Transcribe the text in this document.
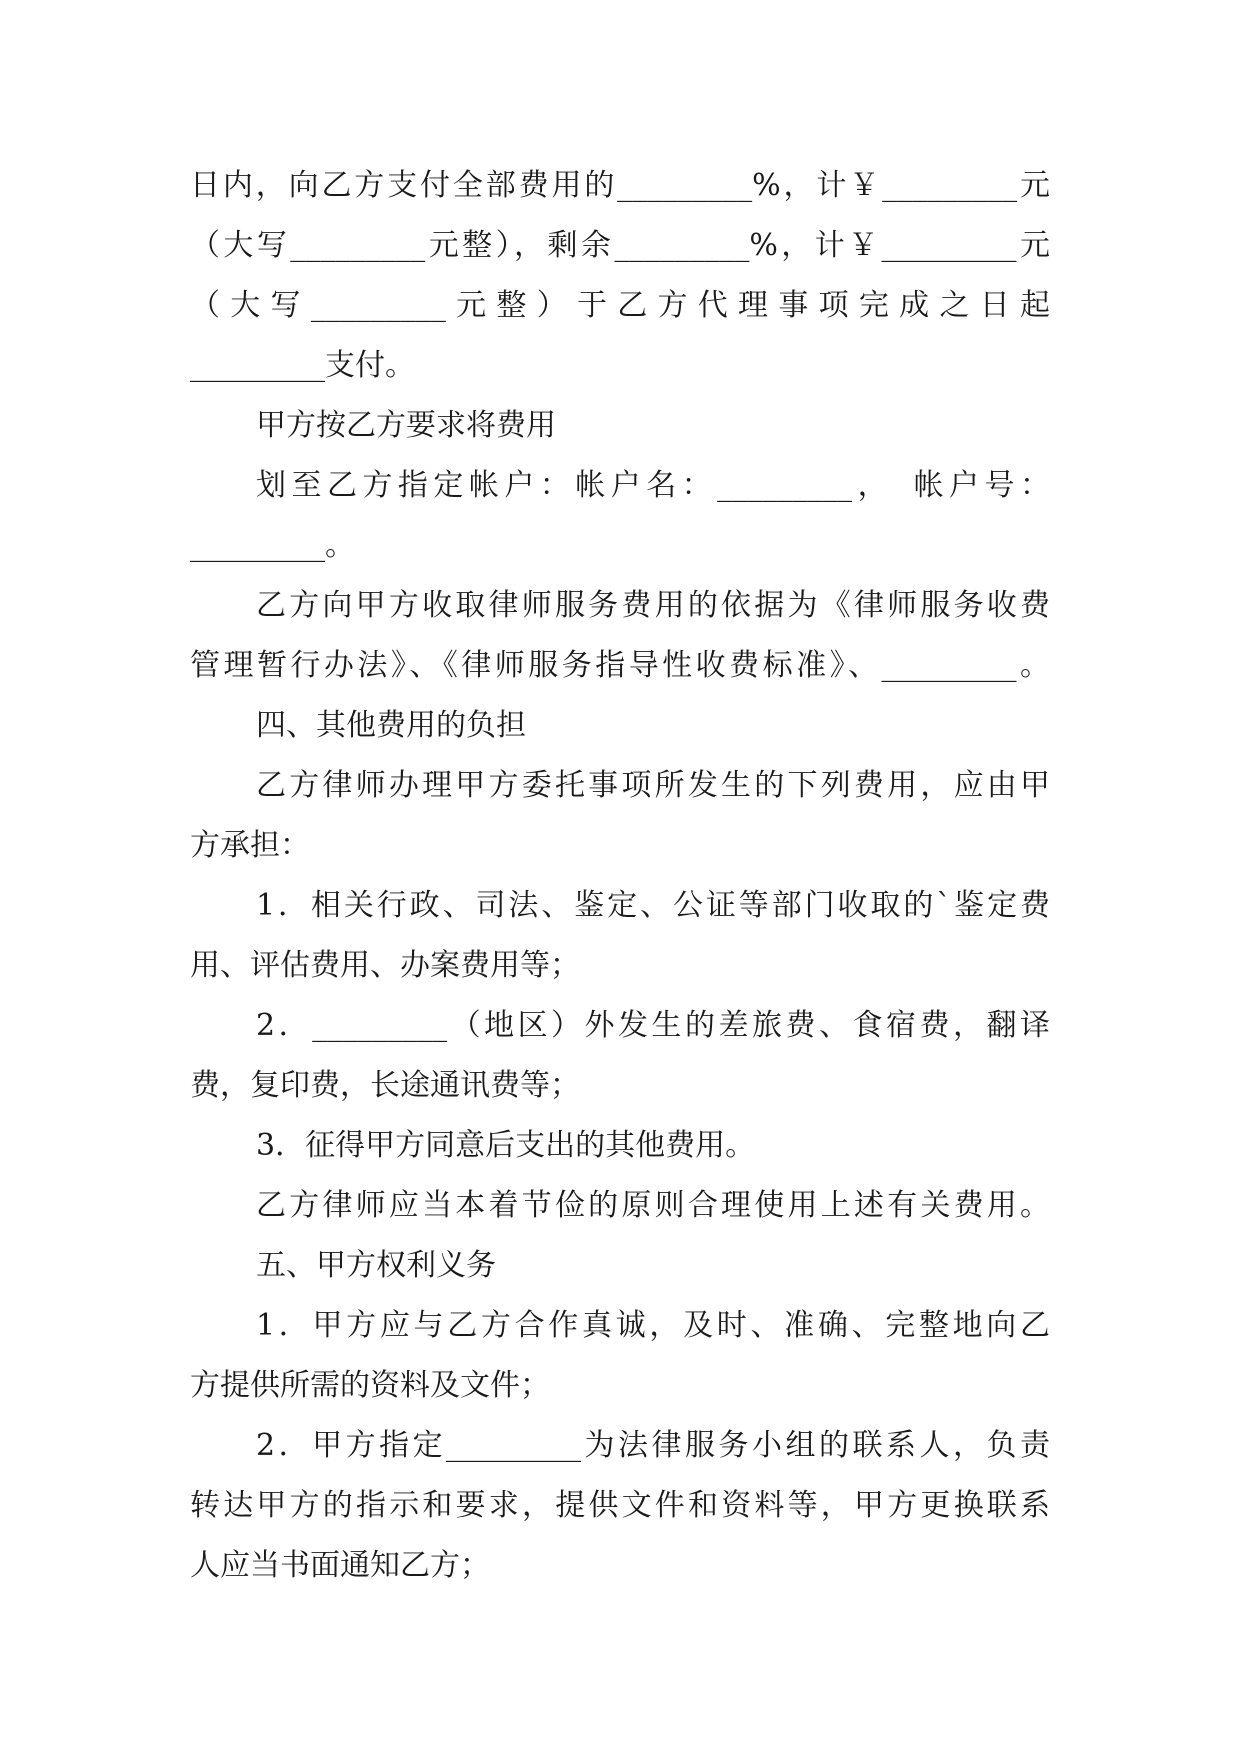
日内，向乙方支付全部费用的_________%，计￥_________元
（大写_________元整），剩余_________%，计￥_________元
（大写_________元整）于乙方代理事项完成之日起
_________支付。
甲方按乙方要求将费用
划至乙方指定帐户：帐户名：_________，　帐户号：
_________。
乙方向甲方收取律师服务费用的依据为《律师服务收费
管理暂行办法》、《律师服务指导性收费标准》、_________。
四、其他费用的负担
乙方律师办理甲方委托事项所发生的下列费用，应由甲
方承担：
1．相关行政、司法、鉴定、公证等部门收取的`鉴定费
用、评估费用、办案费用等；
2．_________（地区）外发生的差旅费、食宿费，翻译
费，复印费，长途通讯费等；
3．征得甲方同意后支出的其他费用。
乙方律师应当本着节俭的原则合理使用上述有关费用。
五、甲方权利义务
1．甲方应与乙方合作真诚，及时、准确、完整地向乙
方提供所需的资料及文件；
2．甲方指定_________为法律服务小组的联系人，负责
转达甲方的指示和要求，提供文件和资料等，甲方更换联系
人应当书面通知乙方；
